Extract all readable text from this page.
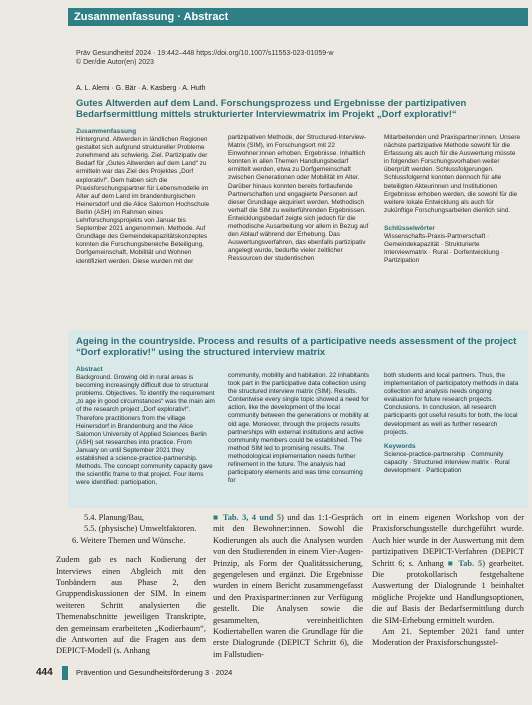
Zusammenfassung · Abstract
Präv Gesundheitsf 2024 · 19:442–448 https://doi.org/10.1007/s11553-023-01059-w
© Der/die Autor(en) 2023
A. L. Alemi · G. Bär · A. Kasberg · A. Huth
Gutes Altwerden auf dem Land. Forschungsprozess und Ergebnisse der partizipativen Bedarfsermittlung mittels strukturierter Interviewmatrix im Projekt „Dorf explorativ!“
Zusammenfassung

Hintergrund. Altwerden in ländlichen Regionen gestaltet sich aufgrund struktureller Probleme zunehmend als schwierig. Ziel. Partizipativ der Bedarf für „Gutes Altwerden auf dem Land“ zu ermitteln war das Ziel des Projektes „Dorf explorativ!“. Dem haben sich die Praxisforschungspartner für Lebensmodelle im Alter auf dem Land im brandenburgischen Heinersdorf und die Alice Salomon Hochschule Berlin (ASH) im Rahmen eines Lehrforschungsprojekts von Januar bis September 2021 angenommen. Methode. Auf Grundlage des Gemeindekapazitätskonzeptes konnten die Forschungsbereiche Beteiligung, Dorfgemeinschaft, Mobilität und Wohnen identifiziert werden. Diese wurden mit der

partizipativen Methode, der Structured-Interview-Matrix (SIM), im Forschungsort mit 22 Einwohner:innen erhoben. Ergebnisse. Inhaltlich konnten in allen Themen Handlungsbedarf ermittelt werden, etwa zu Dorfgemeinschaft zwischen Generationen oder Mobilität im Alter. Darüber hinaus konnten bereits fortlaufende Partnerschaften und engagierte Personen auf dieser Grundlage akquiriert werden. Methodisch verhalf die SIM zu weiterführenden Ergebnissen. Entwicklungsbedarf zeigte sich jedoch für die methodische Ausarbeitung vor allem in Bezug auf den Ablauf während der Erhebung. Das Auswertungsverfahren, das ebenfalls partizipativ angelegt wurde, bedurfte vieler zeitlicher Ressourcen der studentischen

Mitarbeitenden und Praxispartner:innen. Unsere nächste partizipative Methode sowohl für die Erfassung als auch für die Auswertung müsste in folgenden Forschungsvorhaben weiter überprüft werden. Schlussfolgerungen. Schlussfolgernd konnten dennoch für alle beteiligten Akteurinnen und Institutionen Ergebnisse erhoben werden, die sowohl für die weitere lokale Entwicklung als auch für zukünftige Forschungsarbeiten dienlich sind.

Schlüsselwörter

Wissenschafts-Praxis-Partnerschaft · Gemeindekapazität · Strukturierte Interviewmatrix · Rural · Dorfentwicklung · Partizipation

Ageing in the countryside. Process and results of a participative needs assessment of the project “Dorf explorativ!” using the structured interview matrix
Abstract

Background. Growing old in rural areas is becoming increasingly difficult due to structural problems. Objectives. To identify the requirement „to age in good circumstances“ was the main aim of the research project „Dorf explorativ!“. Therefore practitioners from the village Heinersdorf in Brandenburg and the Alice Salomon University of Applied Sciences Berlin (ASH) set researches into practice. From January on until September 2021 they established a science-practice-partnership. Methods. The concept community capacity gave the scientific frame to that project. Four items were identified: participation,

community, mobility and habitation. 22 inhabitants took part in the participative data collection using the structured interview matrix (SIM). Results. Contentwise every single topic showed a need for action, like the development of the local community between the generations or mobility at old age. Moreover, through the projects results partnerships with external institutions and active community members could be established. The method SIM led to promising results. The methodological implementation needs further refinement in the future. The analysis had participatory elements and was time consuming for

both students and local partners. Thus, the implementation of participatory methods in data collection and analysis needs ongoing evaluation for future research projects. Conclusions. In conclusion, all research participants got useful results for both, the local development as well as further research projects.

Keywords

Science-practice-partnership · Community capacity · Structured interview matrix · Rural development · Participation

5.4. Planung/Bau,
5.5. (physische) Umweltfaktoren.
6. Weitere Themen und Wünsche.

Zudem gab es nach Kodierung der Interviews einen Abgleich mit den Tonbändern aus Phase 2, den Gruppendiskussionen der SIM. In einem weiteren Schritt analysierten die Themenabschnitte jeweiligen Transkripte, den gemeinsam erarbeiteten „Kodierbaum“, die Antworten auf die Fragen aus dem DEPICT-Modell (s. Anhang

■ Tab. 3, 4 und 5) und das 1:1-Gespräch mit den Bewohner:innen. Sowohl die Kodierungen als auch die Analysen wurden von den Studierenden in einem Vier-Augen-Prinzip, als Form der Qualitätssicherung, gegengelesen und ergänzt. Die Ergebnisse wurden in einem Bericht zusammengefasst und den Praxispartner:innen zur Verfügung gestellt. Die Analysen sowie die gesammelten, vereinheitlichten Kodiertabellen waren die Grundlage für die erste Dialogrunde (DEPICT Schritt 6), die im Fallstudien-

ort in einem eigenen Workshop von der Praxisforschungsstelle durchgeführt wurde. Auch hier wurde in der Auswertung mit dem partizipativen DEPICT-Verfahren (DEPICT Schritt 6; s. Anhang ■ Tab. 5) gearbeitet. Die protokollarisch festgehaltene Auswertung der Dialogrunde 1 beinhaltet mögliche Projekte und Handlungsoptionen, die auf Basis der Bedarfsermittlung durch die SIM-Erhebung ermittelt wurden.

Am 21. September 2021 fand unter Moderation der Praxisforschungsstel-

444	Prävention und Gesundheitsförderung 3 · 2024
